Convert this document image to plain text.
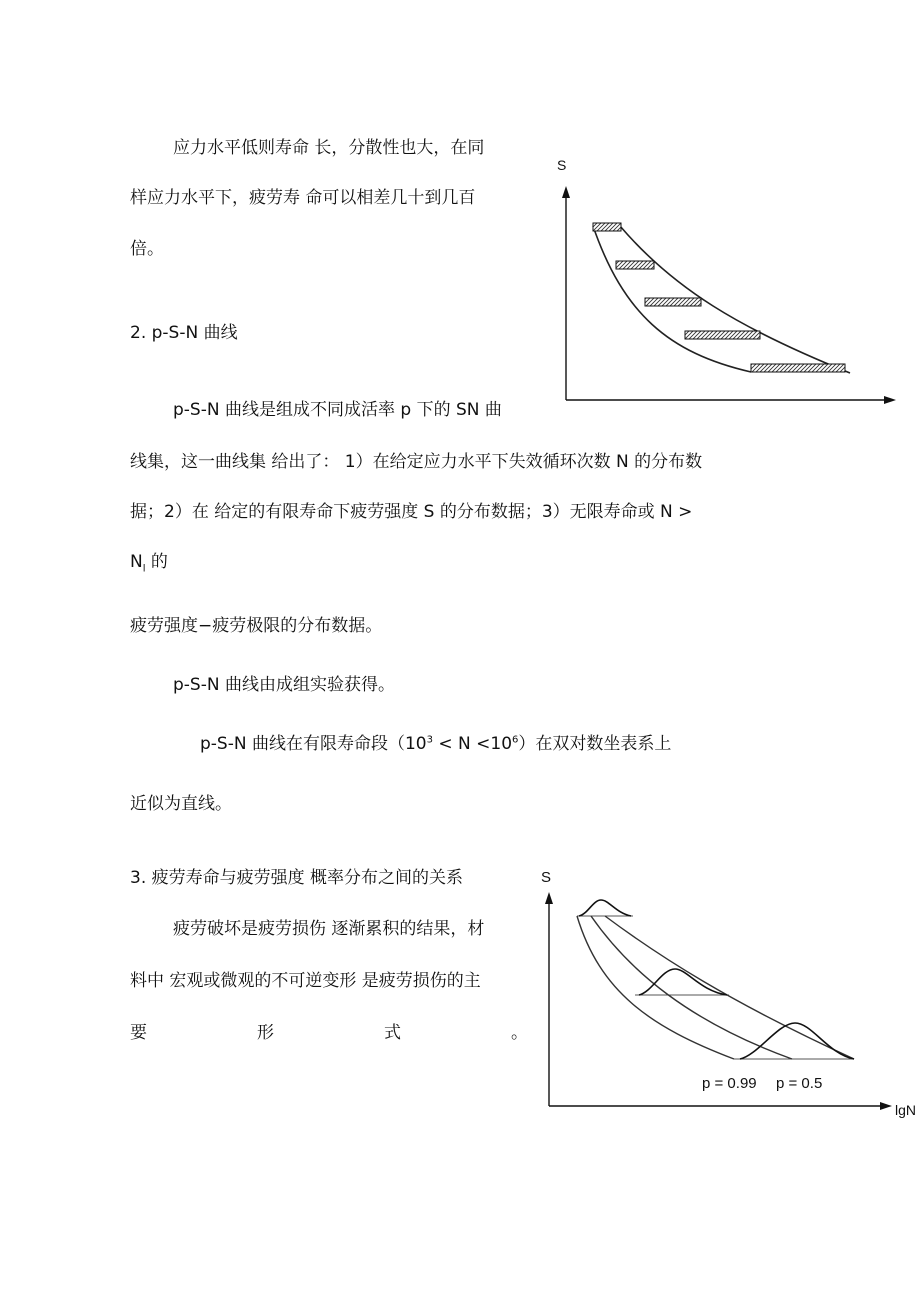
应力水平低则寿命 长，分散性也大，在同
样应力水平下，疲劳寿 命可以相差几十到几百
倍。
2. p-S-N 曲线
p-S-N 曲线是组成不同成活率 p 下的 SN 曲
线集，这一曲线集 给出了： 1）在给定应力水平下失效循环次数 N 的分布数
据；2）在 给定的有限寿命下疲劳强度 S 的分布数据；3）无限寿命或 N >
$N_l$ 的
疲劳强度−疲劳极限的分布数据。
p-S-N 曲线由成组实验获得。
p-S-N 曲线在有限寿命段$(10^3 < N <10^6)$在双对数坐表系上
近似为直线。
3. 疲劳寿命与疲劳强度 概率分布之间的关系
疲劳破坏是疲劳损伤 逐渐累积的结果，材
料中 宏观或微观的不可逆变形 是疲劳损伤的主
要	形	式	。
S
S
lgN
p = 0.99 p = 0.5
